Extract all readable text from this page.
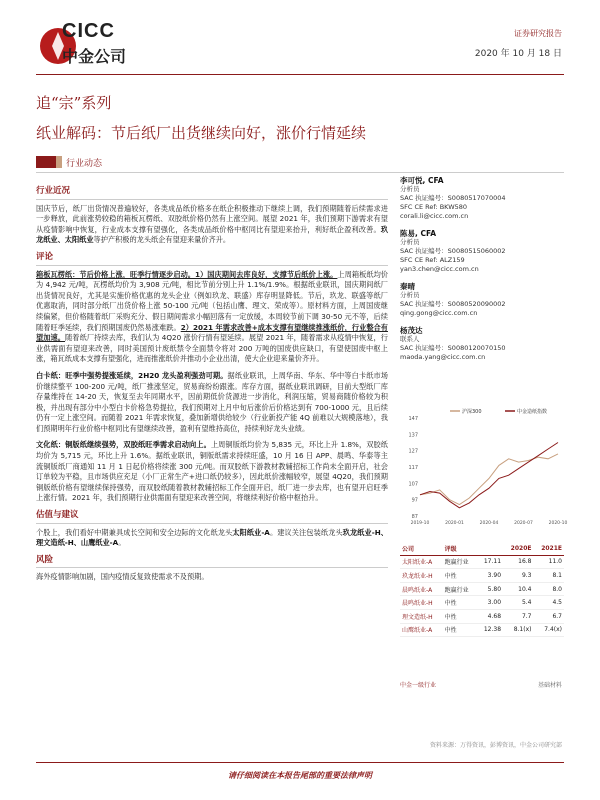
CICC
中金公司
证券研究报告
2020 年 10 月 18 日
追“宗”系列
纸业解码：节后纸厂出货继续向好，涨价行情延续
行业动态
行业近况
国庆节后，纸厂出货情况普遍较好，各类成品纸价格多在纸企积极推动下继续上调，我们预期随着后续需求进一步释放，此前涨势较稳的箱板瓦楞纸、双胶纸价格仍然有上涨空间。展望 2021 年，我们预期下游需求有望从疫情影响中恢复，行业成本支撑有望强化，各类成品纸价格中枢同比有望迎来抬升，利好纸企盈利改善。玖龙纸业、太阳纸业等护产积极的龙头纸企有望迎来量价齐升。
评论
箱板瓦楞纸：节后价格上涨，旺季行情逐步启动。1）国庆期间去库良好，支撑节后纸价上涨。上周箱板纸均价为 4,942 元/吨，瓦楞纸均价为 3,908 元/吨，相比节前分别上升 1.1%/1.9%。根据纸业联讯，国庆期间纸厂出货情况良好，尤其是实施价格优惠的龙头企业（例如玖龙、联盛）库存明显降低。节后，玖龙、联盛等纸厂优惠取消，同时部分纸厂出货价格上涨 50-100 元/吨（包括山鹰、理文、荣成等）。原材料方面，上周国废继续偏紧，但价格随着纸厂采购充分、假日期间需求小幅回落有一定放缓，本周较节前下调 30-50 元不等，后续随着旺季延续，我们预期国废仍然易涨难跌。2）2021 年需求改善+成本支撑有望继续推涨纸价，行业整合有望加速。随着纸厂持续去库，我们认为 4Q20 涨价行情有望延续。展望 2021 年，随着需求从疫情中恢复，行业供需面有望迎来改善，同时美国预计废纸禁令全面禁令将对 200 万吨的国废供应缺口，有望使国废中枢上涨，箱瓦纸成本支撑有望强化，进而推涨纸价并推动小企业出清，使大企业迎来量价齐升。
白卡纸：旺季中强势提涨延续，2H20 龙头盈利强劲可期。据纸业联讯，上周华南、华东、华中等白卡纸市场价继续整平 100-200 元/吨，纸厂推涨坚定，贸易商纷纷跟涨。库存方面，据纸业联讯调研，目前大型纸厂库存量维持在 14-20 天，恢复至去年同期水平，因前期低价货源进一步消化，利润压缩，贸易商随价格较为积极，并出现有部分中小型白卡价格急势提拉，我们预期对上月中旬后涨价后价格达到有 700-1000 元，且后续仍有一定上涨空间。而随着 2021 年需求恢复，叠加新增供给较少（行业新投产能 4Q 前难以大规模落地），我们预期明年行业价格中枢同比有望继续改善，盈利有望维持高位，持续利好龙头业绩。
文化纸：铜版纸继续强势，双胶纸旺季需求启动向上。上周铜版纸均价为 5,835 元，环比上升 1.8%，双胶纸均价为 5,715 元，环比上升 1.6%。据纸业联讯，铜版纸需求持续旺盛，10 月 16 日 APP、晨鸣、华泰等主流铜版纸厂商通知 11 月 1 日起价格将续涨 300 元/吨。而双胶纸下游教材教辅招标工作尚未全面开启，社会订单较为平稳，且市场供应充足（小厂正常生产+进口纸仍较多），因此纸价涨幅较窄，展望 4Q20，我们预期铜版纸价格有望继续保持强势，而双胶纸随着教材教辅招标工作全面开启，纸厂进一步去库，也有望开启旺季上涨行情。2021 年，我们预期行业供需面有望迎来改善空间，将继续利好价格中枢抬升。
估值与建议
个股上，我们看好中期兼具成长空间和安全边际的文化纸龙头太阳纸业-A。建议关注包装纸龙头玖龙纸业-H、理文造纸-H、山鹰纸业-A。
风险
海外疫情影响加剧，国内疫情反复致使需求不及预期。
李可悦, CFA
分析员
SAC 执证编号：S0080517070004
SFC CE Ref: BKW580
corali.li@cicc.com.cn
陈易, CFA
分析员
SAC 执证编号：S0080515060002
SFC CE Ref: ALZ159
yan3.chen@cicc.com.cn
秦晴
分析员
SAC 执证编号：S0080520090002
qing.gong@cicc.com.cn
杨茂达
联系人
SAC 执证编号：S0080120070150
maoda.yang@cicc.com.cn
87
97
107
117
127
137
147
2019-10	2020-01	2020-04	2020-07	2020-10
沪深300	中金造纸指数
公司	评级		2020E	2021E
太阳纸业-A	跑赢行业	17.11	16.8	11.0
玖龙纸业-H	中性	3.90	9.3	8.1
晨鸣纸业-A	跑赢行业	5.80	10.4	8.0
晨鸣纸业-H	中性	3.00	5.4	4.5
理文造纸-H	中性	4.68	7.7	6.7
山鹰纸业-A	中性	12.38	8.1(x)	7.4(x)
中金一级行业	基础材料
资料来源：万得资讯，彭博资讯，中金公司研究部
请仔细阅读在本报告尾部的重要法律声明
